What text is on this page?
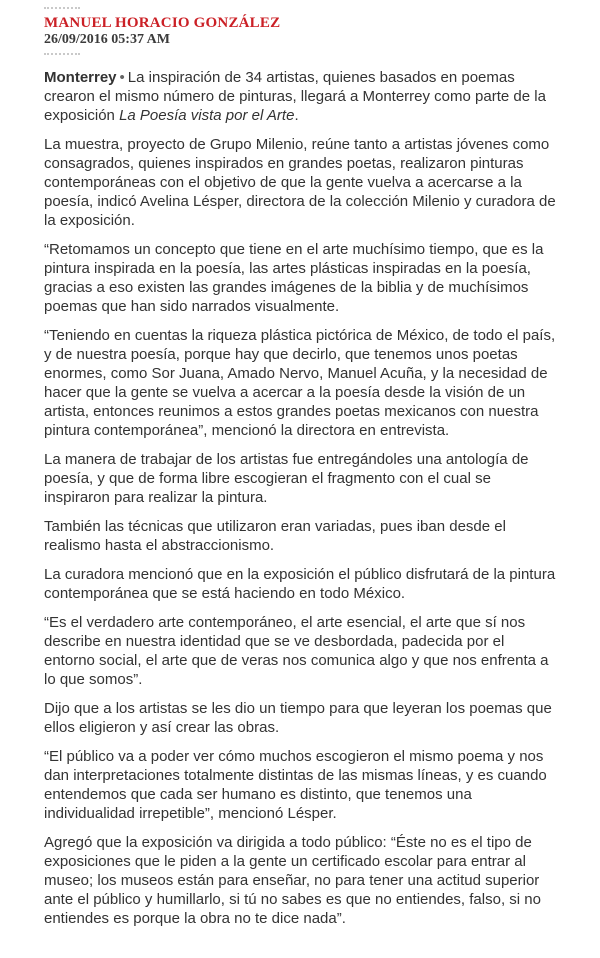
MANUEL HORACIO GONZÁLEZ
26/09/2016 05:37 AM

Monterrey • La inspiración de 34 artistas, quienes basados en poemas crearon el mismo número de pinturas, llegará a Monterrey como parte de la exposición La Poesía vista por el Arte.

La muestra, proyecto de Grupo Milenio, reúne tanto a artistas jóvenes como consagrados, quienes inspirados en grandes poetas, realizaron pinturas contemporáneas con el objetivo de que la gente vuelva a acercarse a la poesía, indicó Avelina Lésper, directora de la colección Milenio y curadora de la exposición.

“Retomamos un concepto que tiene en el arte muchísimo tiempo, que es la pintura inspirada en la poesía, las artes plásticas inspiradas en la poesía, gracias a eso existen las grandes imágenes de la biblia y de muchísimos poemas que han sido narrados visualmente.

“Teniendo en cuentas la riqueza plástica pictórica de México, de todo el país, y de nuestra poesía, porque hay que decirlo, que tenemos unos poetas enormes, como Sor Juana, Amado Nervo, Manuel Acuña, y la necesidad de hacer que la gente se vuelva a acercar a la poesía desde la visión de un artista, entonces reunimos a estos grandes poetas mexicanos con nuestra pintura contemporánea”, mencionó la directora en entrevista.

La manera de trabajar de los artistas fue entregándoles una antología de poesía, y que de forma libre escogieran el fragmento con el cual se inspiraron para realizar la pintura.

También las técnicas que utilizaron eran variadas, pues iban desde el realismo hasta el abstraccionismo.

La curadora mencionó que en la exposición el público disfrutará de la pintura contemporánea que se está haciendo en todo México.

“Es el verdadero arte contemporáneo, el arte esencial, el arte que sí nos describe en nuestra identidad que se ve desbordada, padecida por el entorno social, el arte que de veras nos comunica algo y que nos enfrenta a lo que somos”.

Dijo que a los artistas se les dio un tiempo para que leyeran los poemas que ellos eligieron y así crear las obras.

“El público va a poder ver cómo muchos escogieron el mismo poema y nos dan interpretaciones totalmente distintas de las mismas líneas, y es cuando entendemos que cada ser humano es distinto, que tenemos una individualidad irrepetible”, mencionó Lésper.

Agregó que la exposición va dirigida a todo público: “Éste no es el tipo de exposiciones que le piden a la gente un certificado escolar para entrar al museo; los museos están para enseñar, no para tener una actitud superior ante el público y humillarlo, si tú no sabes es que no entiendes, falso, si no entiendes es porque la obra no te dice nada”.
